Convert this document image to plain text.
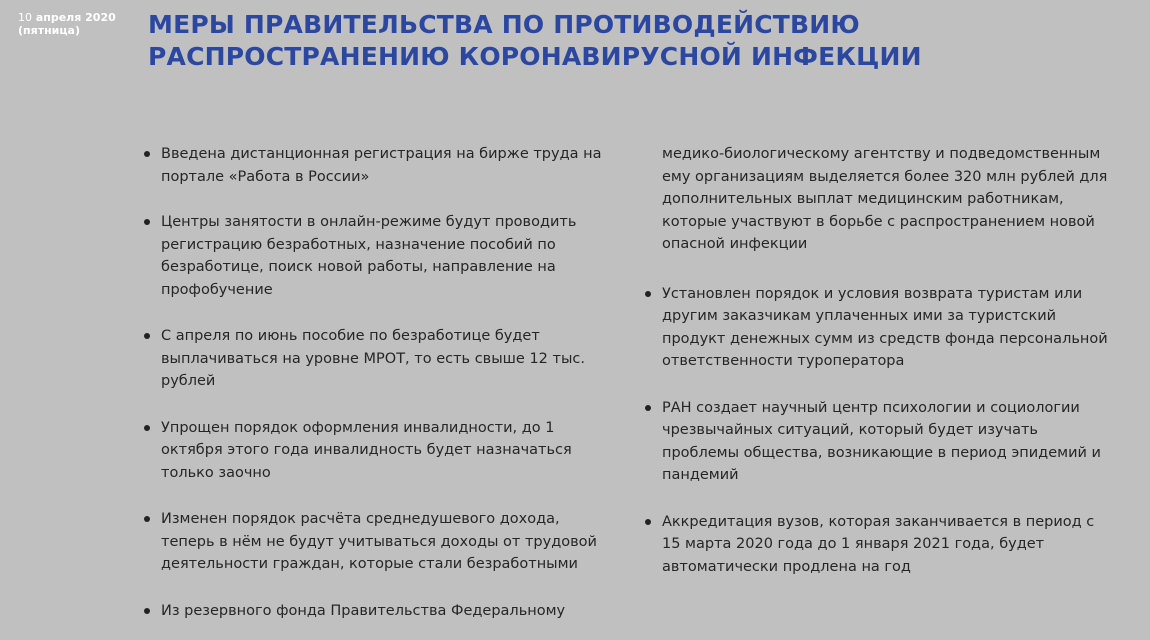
10 апреля 2020
(пятница)	МЕРЫ ПРАВИТЕЛЬСТВА ПО ПРОТИВОДЕЙСТВИЮ
РАСПРОСТРАНЕНИЮ КОРОНАВИРУСНОЙ ИНФЕКЦИИ
Введена дистанционная регистрация на бирже труда на
портале «Работа в России»
Центры занятости в онлайн-режиме будут проводить
регистрацию безработных, назначение пособий по
безработице, поиск новой работы, направление на
профобучение
С апреля по июнь пособие по безработице будет
выплачиваться на уровне МРОТ, то есть свыше 12 тыс.
рублей
Упрощен порядок оформления инвалидности, до 1
октября этого года инвалидность будет назначаться
только заочно
Изменен порядок расчёта среднедушевого дохода,
теперь в нём не будут учитываться доходы от трудовой
деятельности граждан, которые стали безработными
Из резервного фонда Правительства Федеральному
медико-биологическому агентству и подведомственным
ему организациям выделяется более 320 млн рублей для
дополнительных выплат медицинским работникам,
которые участвуют в борьбе с распространением новой
опасной инфекции
Установлен порядок и условия возврата туристам или
другим заказчикам уплаченных ими за туристский
продукт денежных сумм из средств фонда персональной
ответственности туроператора
РАН создает научный центр психологии и социологии
чрезвычайных ситуаций, который будет изучать
проблемы общества, возникающие в период эпидемий и
пандемий
Аккредитация вузов, которая заканчивается в период с
15 марта 2020 года до 1 января 2021 года, будет
автоматически продлена на год
